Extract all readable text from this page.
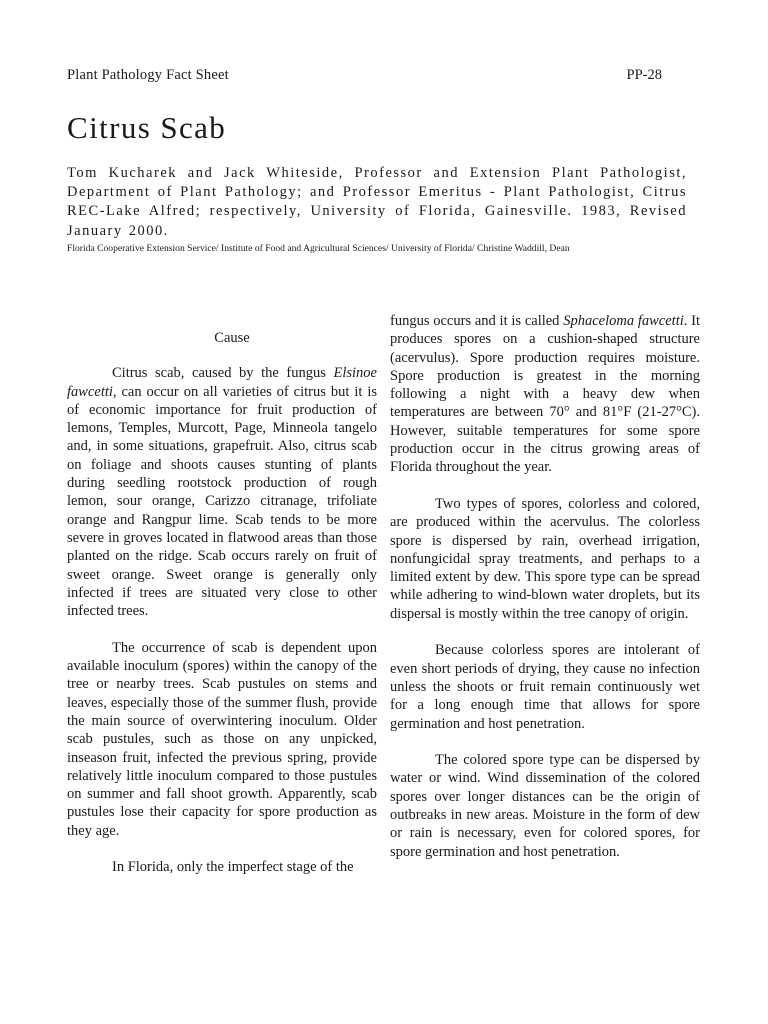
Plant Pathology Fact Sheet	PP-28
Citrus Scab

Tom Kucharek and Jack Whiteside, Professor and Extension Plant Pathologist, Department of Plant Pathology; and Professor Emeritus - Plant Pathologist, Citrus REC-Lake Alfred; respectively, University of Florida, Gainesville. 1983, Revised January 2000.

Florida Cooperative Extension Service/ Institute of Food and Agricultural Sciences/ University of Florida/ Christine Waddill, Dean

Cause

Citrus scab, caused by the fungus Elsinoe fawcetti, can occur on all varieties of citrus but it is of economic importance for fruit production of lemons, Temples, Murcott, Page, Minneola tangelo and, in some situations, grapefruit. Also, citrus scab on foliage and shoots causes stunting of plants during seedling rootstock production of rough lemon, sour orange, Carizzo citranage, trifoliate orange and Rangpur lime. Scab tends to be more severe in groves located in flatwood areas than those planted on the ridge. Scab occurs rarely on fruit of sweet orange. Sweet orange is generally only infected if trees are situated very close to other infected trees.

The occurrence of scab is dependent upon available inoculum (spores) within the canopy of the tree or nearby trees. Scab pustules on stems and leaves, especially those of the summer flush, provide the main source of overwintering inoculum. Older scab pustules, such as those on any unpicked, inseason fruit, infected the previous spring, provide relatively little inoculum compared to those pustules on summer and fall shoot growth. Apparently, scab pustules lose their capacity for spore production as they age.

In Florida, only the imperfect stage of the

fungus occurs and it is called Sphaceloma fawcetti. It produces spores on a cushion-shaped structure (acervulus). Spore production requires moisture. Spore production is greatest in the morning following a night with a heavy dew when temperatures are between 70° and 81°F (21-27°C). However, suitable temperatures for some spore production occur in the citrus growing areas of Florida throughout the year.

Two types of spores, colorless and colored, are produced within the acervulus. The colorless spore is dispersed by rain, overhead irrigation, nonfungicidal spray treatments, and perhaps to a limited extent by dew. This spore type can be spread while adhering to wind-blown water droplets, but its dispersal is mostly within the tree canopy of origin.

Because colorless spores are intolerant of even short periods of drying, they cause no infection unless the shoots or fruit remain continuously wet for a long enough time that allows for spore germination and host penetration.

The colored spore type can be dispersed by water or wind. Wind dissemination of the colored spores over longer distances can be the origin of outbreaks in new areas. Moisture in the form of dew or rain is necessary, even for colored spores, for spore germination and host penetration.
